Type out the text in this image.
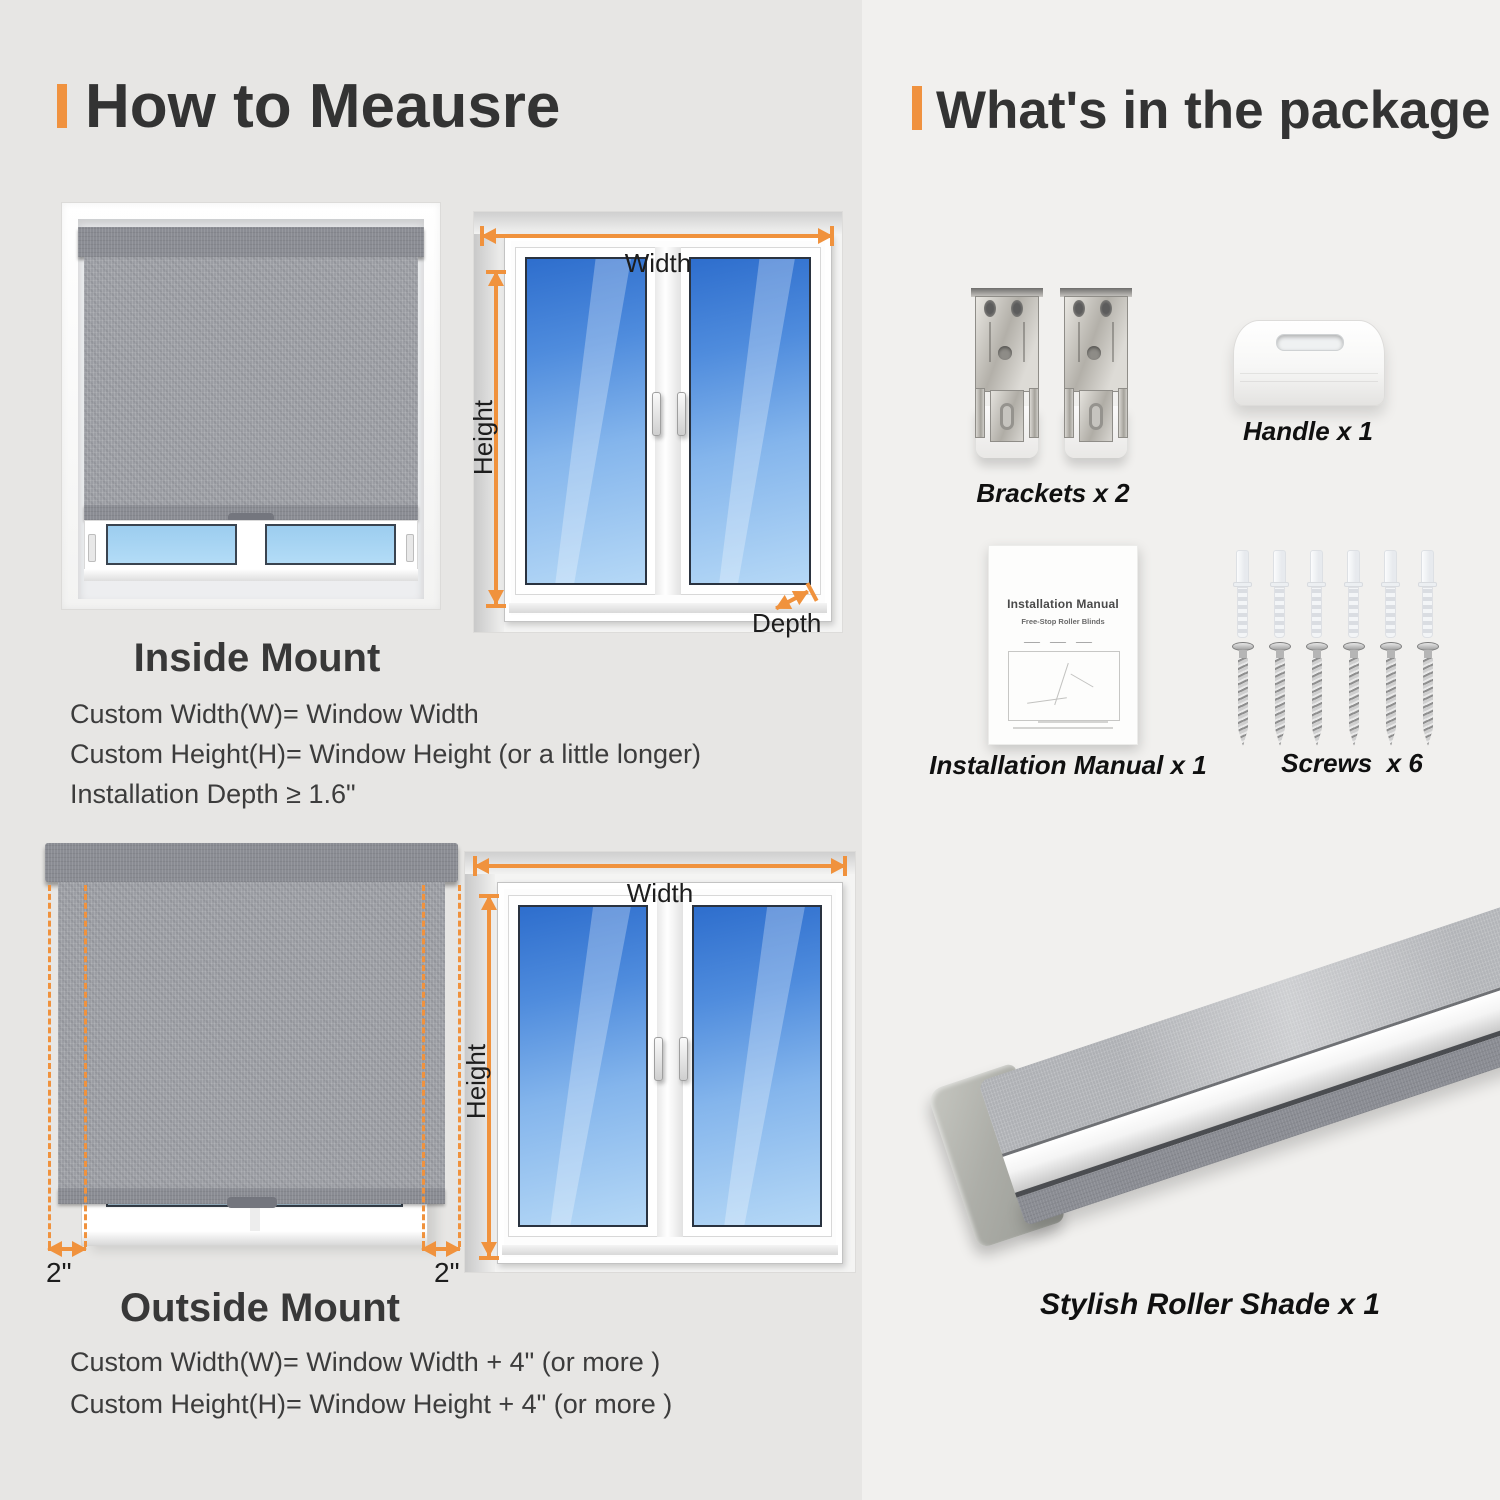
How to Meausre	What's in the package
Width
Height
Depth
Inside Mount
Custom Width(W)= Window Width
Custom Height(H)= Window Height (or a little longer)
Installation Depth ≥ 1.6"
2"	2"
Width
Height
Outside Mount
Custom Width(W)= Window Width + 4" (or more )
Custom Height(H)= Window Height + 4" (or more )
Brackets x 2
Handle x 1
Installation Manual
Free-Stop Roller Blinds
Installation Manual x 1	Screws  x 6
Stylish Roller Shade x 1
